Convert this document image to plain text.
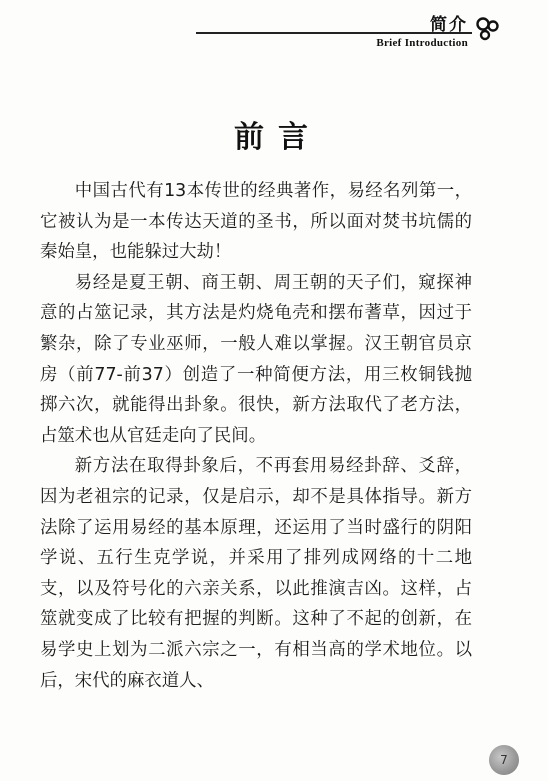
简介
Brief Introduction
前言

中国古代有13本传世的经典著作，易经名列第一，它被认为是一本传达天道的圣书，所以面对焚书坑儒的秦始皇，也能躲过大劫！

易经是夏王朝、商王朝、周王朝的天子们，窥探神意的占筮记录，其方法是灼烧龟壳和摆布蓍草，因过于繁杂，除了专业巫师，一般人难以掌握。汉王朝官员京房（前77-前37）创造了一种简便方法，用三枚铜钱抛掷六次，就能得出卦象。很快，新方法取代了老方法，占筮术也从官廷走向了民间。

新方法在取得卦象后，不再套用易经卦辞、爻辞，因为老祖宗的记录，仅是启示，却不是具体指导。新方法除了运用易经的基本原理，还运用了当时盛行的阴阳学说、五行生克学说，并采用了排列成网络的十二地支，以及符号化的六亲关系，以此推演吉凶。这样，占筮就变成了比较有把握的判断。这种了不起的创新，在易学史上划为二派六宗之一，有相当高的学术地位。以后，宋代的麻衣道人、

7
